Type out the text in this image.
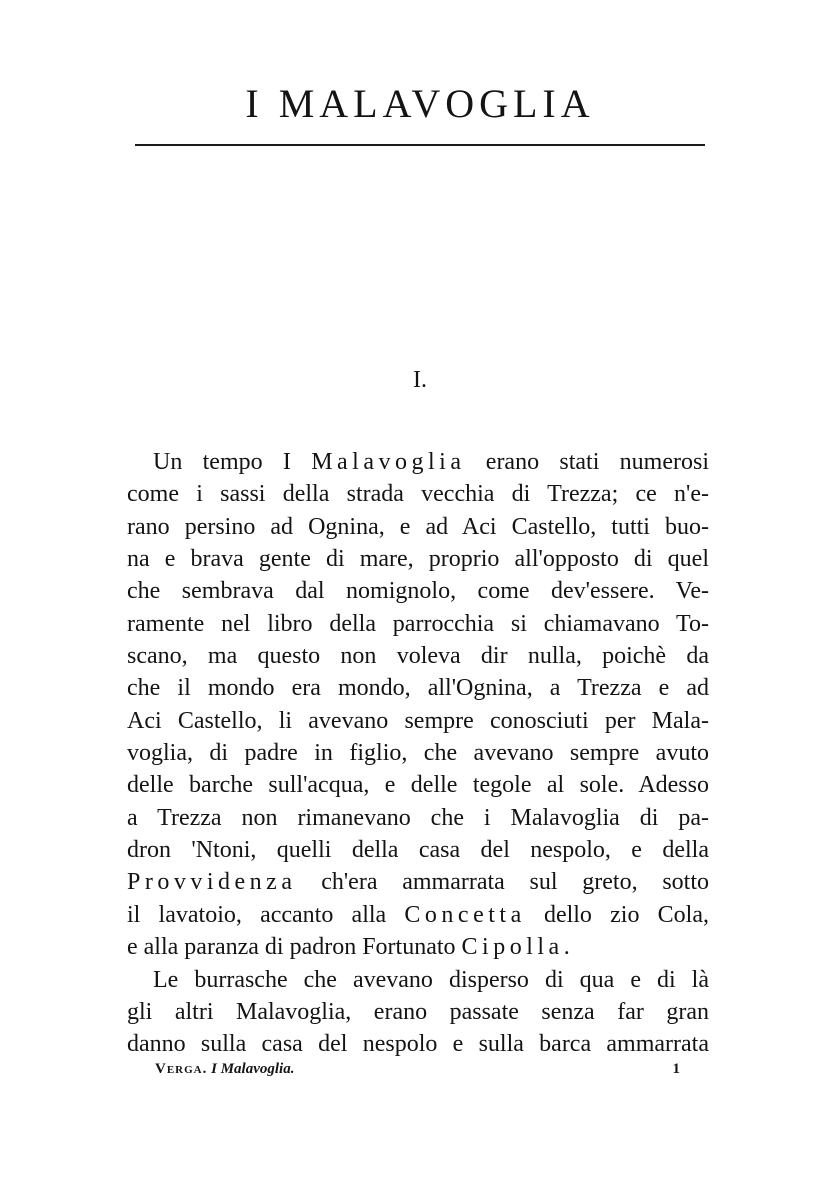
I MALAVOGLIA
I.
Un tempo I Malavoglia erano stati numerosi
come i sassi della strada vecchia di Trezza; ce n'e-
rano persino ad Ognina, e ad Aci Castello, tutti buo-
na e brava gente di mare, proprio all'opposto di quel
che sembrava dal nomignolo, come dev'essere. Ve-
ramente nel libro della parrocchia si chiamavano To-
scano, ma questo non voleva dir nulla, poichè da
che il mondo era mondo, all'Ognina, a Trezza e ad
Aci Castello, li avevano sempre conosciuti per Mala-
voglia, di padre in figlio, che avevano sempre avuto
delle barche sull'acqua, e delle tegole al sole. Adesso
a Trezza non rimanevano che i Malavoglia di pa-
dron 'Ntoni, quelli della casa del nespolo, e della
Provvidenza ch'era ammarrata sul greto, sotto
il lavatoio, accanto alla Concetta dello zio Cola,
e alla paranza di padron Fortunato Cipolla.
Le burrasche che avevano disperso di qua e di là
gli altri Malavoglia, erano passate senza far gran
danno sulla casa del nespolo e sulla barca ammarrata
Verga. I Malavoglia.	1
